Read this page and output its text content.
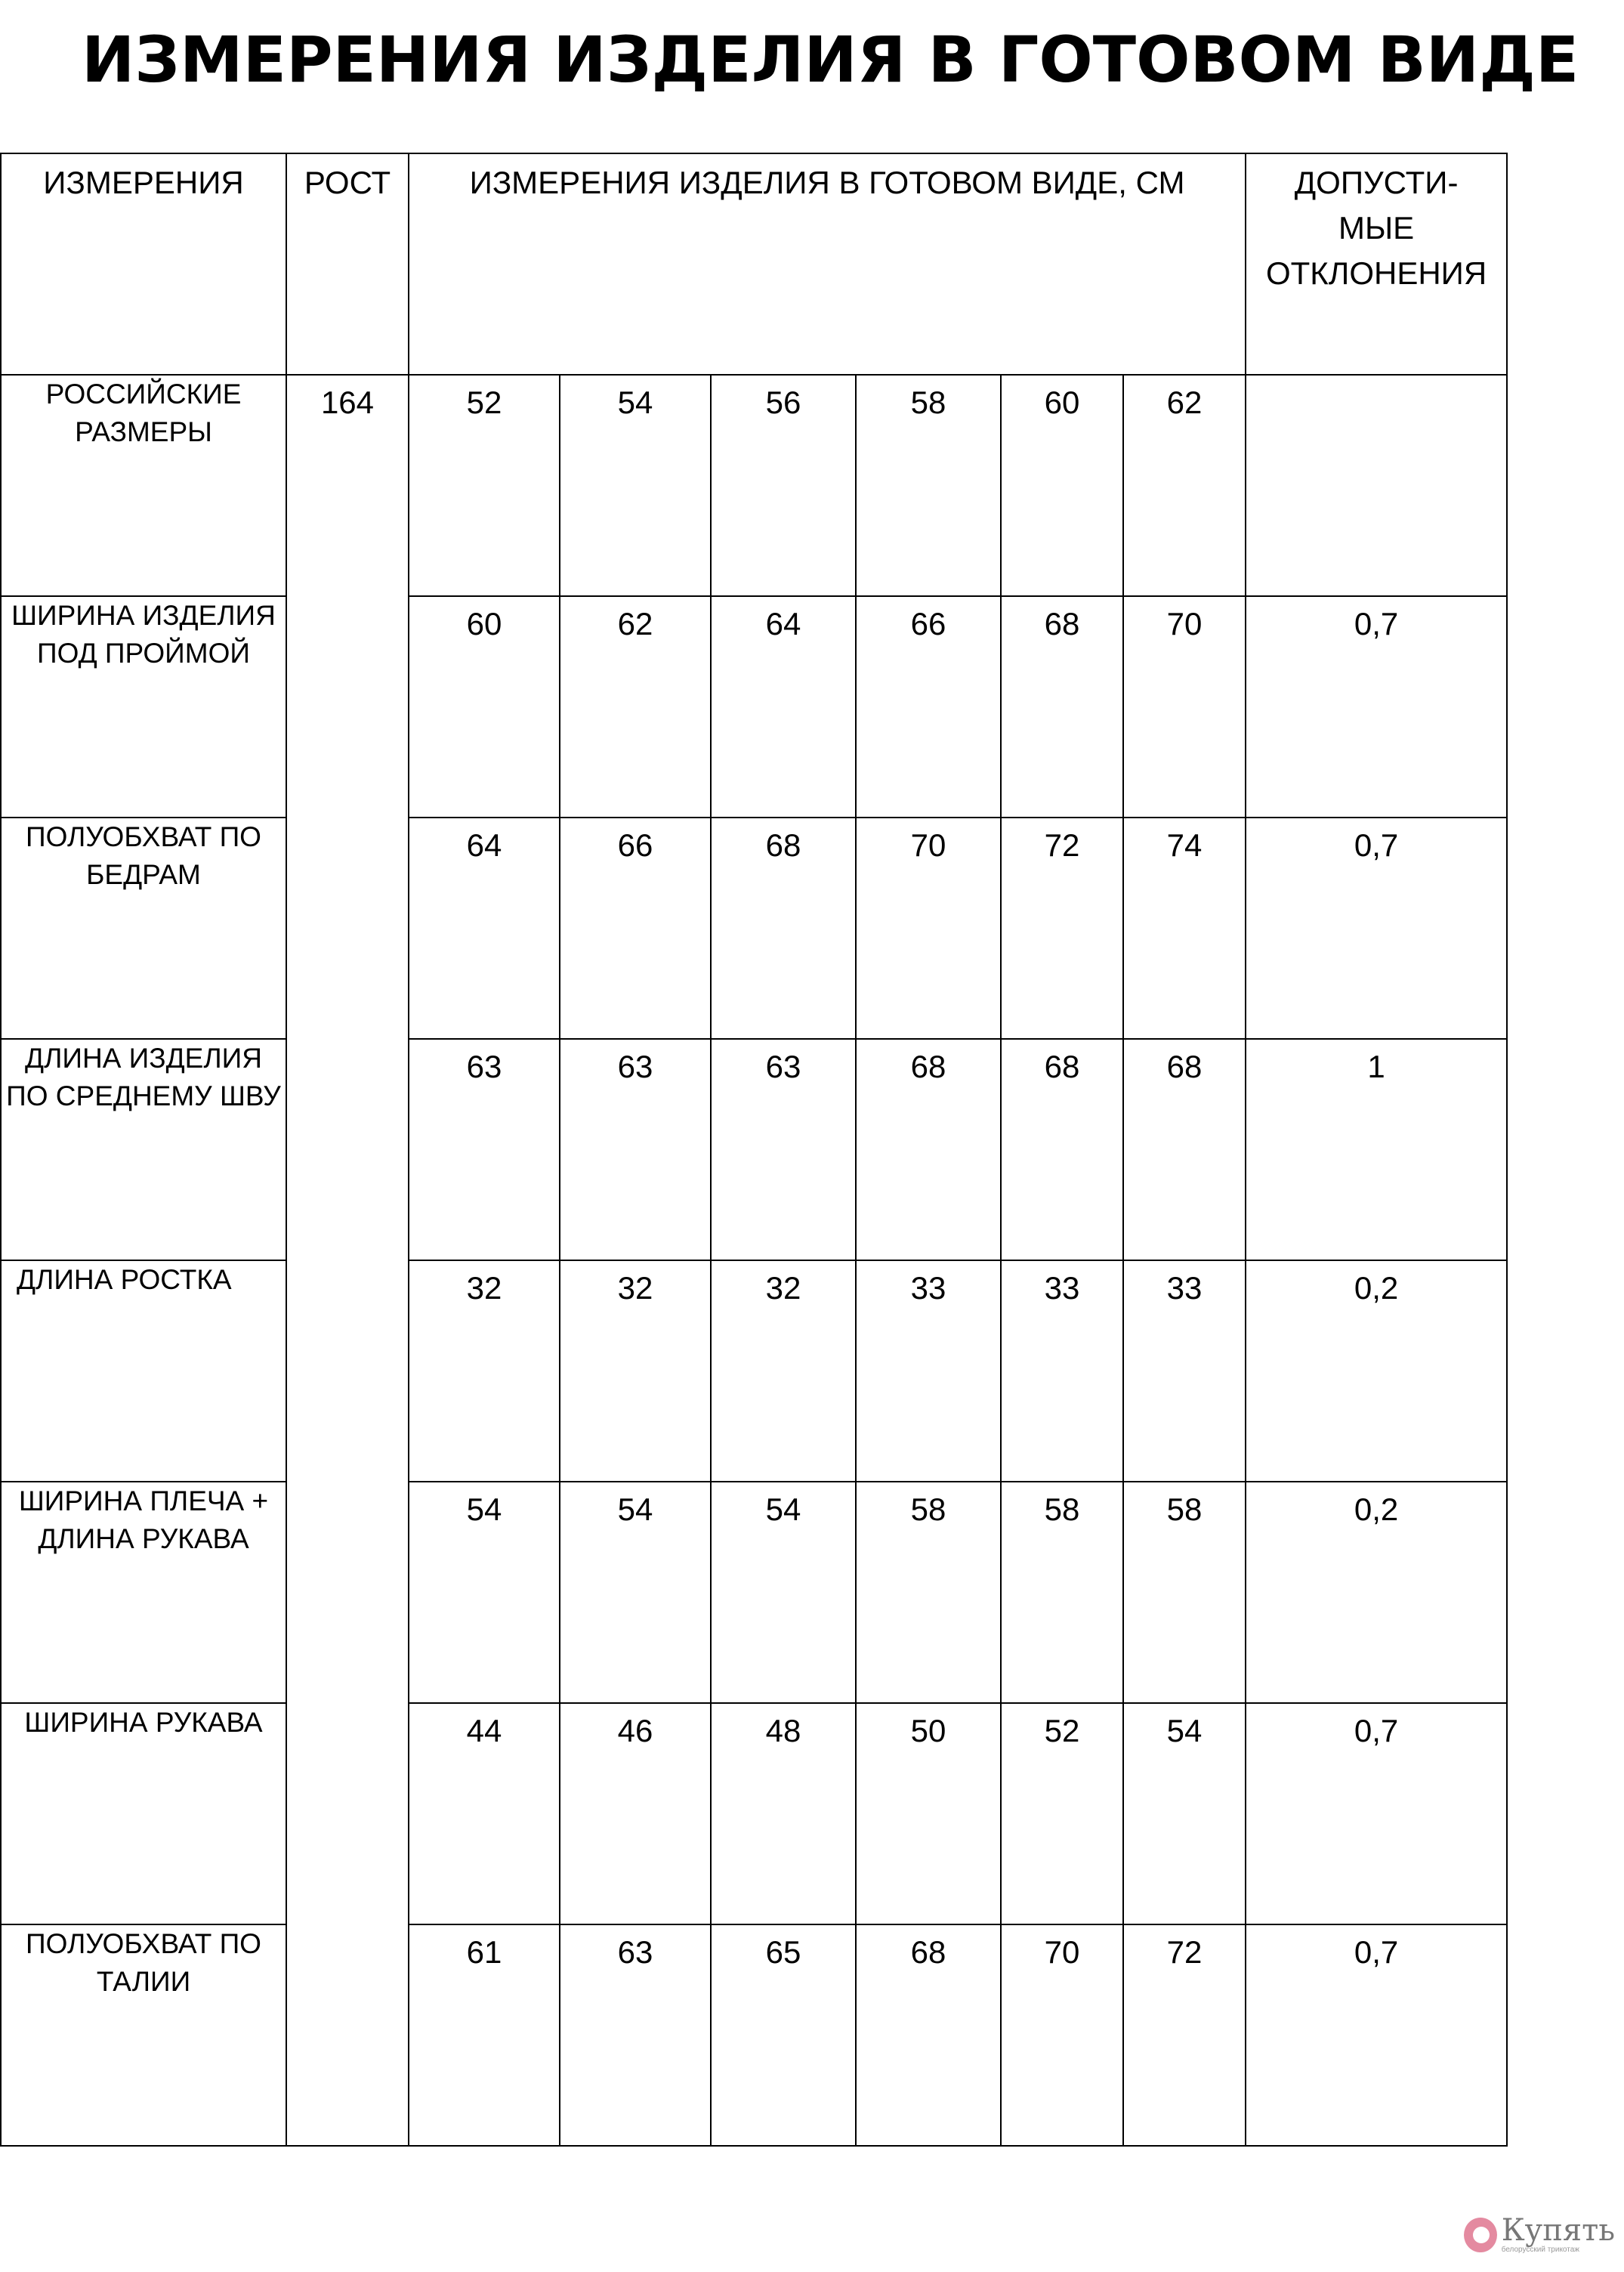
ИЗМЕРЕНИЯ ИЗДЕЛИЯ В ГОТОВОМ ВИДЕ
ИЗМЕРЕНИЯ	РОСТ	ИЗМЕРЕНИЯ ИЗДЕЛИЯ В ГОТОВОМ ВИДЕ, СМ						ДОПУСТИ-МЫЕ ОТКЛОНЕНИЯ
РОССИЙСКИЕ РАЗМЕРЫ	164	52	54	56	58	60	62	
ШИРИНА ИЗДЕЛИЯ ПОД ПРОЙМОЙ		60	62	64	66	68	70	0,7
ПОЛУОБХВАТ ПО БЕДРАМ		64	66	68	70	72	74	0,7
ДЛИНА ИЗДЕЛИЯ ПО СРЕДНЕМУ ШВУ		63	63	63	68	68	68	1
ДЛИНА РОСТКА		32	32	32	33	33	33	0,2
ШИРИНА ПЛЕЧА + ДЛИНА РУКАВА		54	54	54	58	58	58	0,2
ШИРИНА РУКАВА		44	46	48	50	52	54	0,7
ПОЛУОБХВАТ ПО ТАЛИИ		61	63	65	68	70	72	0,7
Купять
белорусский трикотаж
